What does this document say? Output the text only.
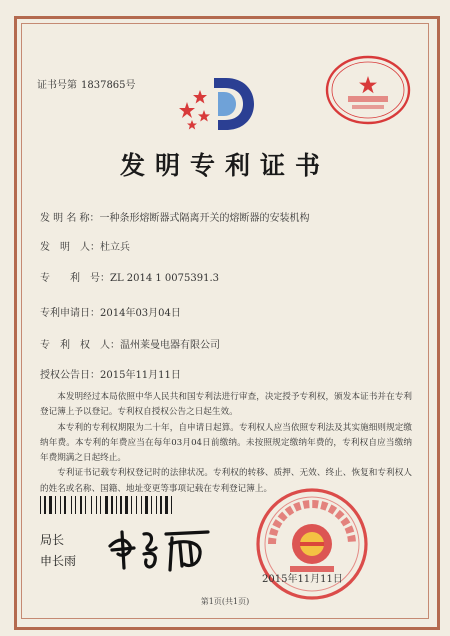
证书号第 1837865号
发明专利证书
发 明 名 称：一种条形熔断器式隔离开关的熔断器的安装机构
发　明　人：杜立兵
专　　利　号：ZL 2014 1 0075391.3
专利申请日：2014年03月04日
专　利　权　人：温州莱曼电器有限公司
授权公告日：2015年11月11日

本发明经过本局依照中华人民共和国专利法进行审查，决定授予专利权，颁发本证书并在专利登记簿上予以登记。专利权自授权公告之日起生效。

本专利的专利权期限为二十年，自申请日起算。专利权人应当依照专利法及其实施细则规定缴纳年费。本专利的年费应当在每年03月04日前缴纳。未按照规定缴纳年费的，专利权自应当缴纳年费期满之日起终止。

专利证书记载专利权登记时的法律状况。专利权的转移、质押、无效、终止、恢复和专利权人的姓名或名称、国籍、地址变更等事项记载在专利登记簿上。

局长
申长雨
2015年11月11日
第1页(共1页)
